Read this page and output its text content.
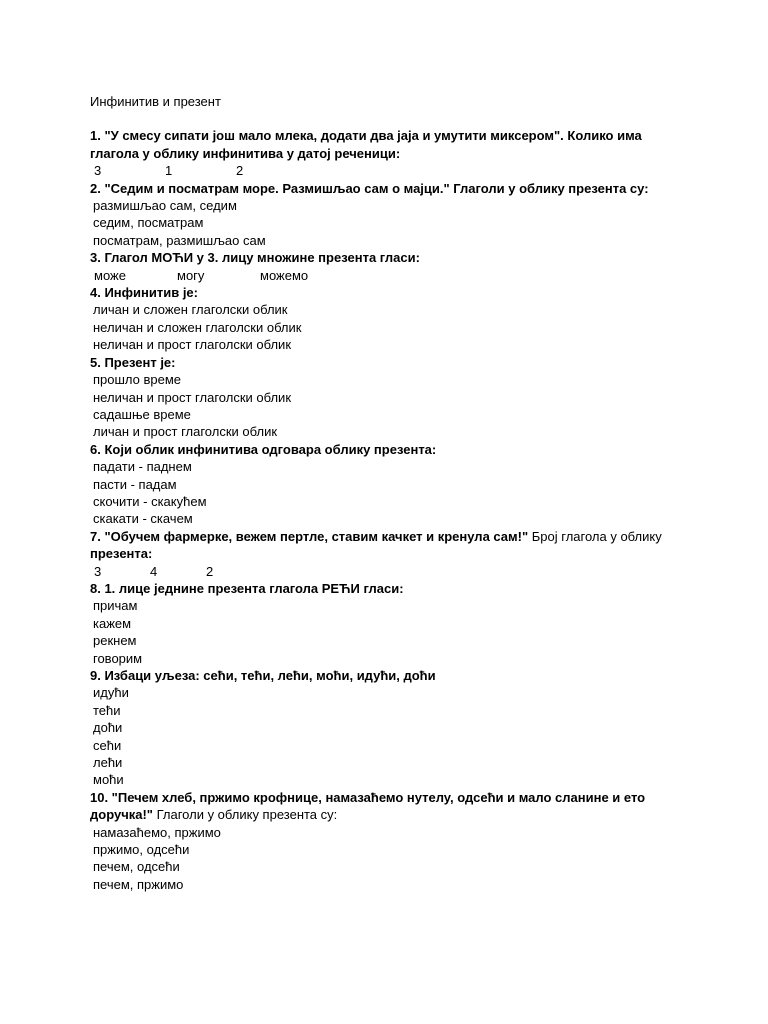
Инфинитив и презент
1. "У смесу сипати још мало млека, додати два јаја и умутити миксером". Колико има глагола у облику инфинитива у датој реченици:
3	1	2
2. "Седим и посматрам море. Размишљао сам о мајци." Глаголи у облику презента су:
размишљао сам, седим
седим, посматрам
посматрам, размишљао сам
3. Глагол МОЋИ у 3. лицу множине презента гласи:
може	могу	можемо
4. Инфинитив је:
личан и сложен глаголски облик
неличан и сложен глаголски облик
неличан и прост глаголски облик
5. Презент је:
прошло време
неличан и прост глаголски облик
садашње време
личан и прост глаголски облик
6. Који облик инфинитива одговара облику презента:
падати - паднем
пасти - падам
скочити - скакућем
скакати - скачем
7. "Обучем фармерке, вежем пертле, ставим качкет и кренула сам!" Број глагола у облику презента:
3	4	2
8. 1. лице једнине презента глагола РЕЋИ гласи:
причам
кажем
рекнем
говорим
9. Избаци уљеза: сећи, тећи, лећи, моћи, идући, доћи
идући
тећи
доћи
сећи
лећи
моћи
10. "Печем хлеб, пржимо крофнице, намазаћемо нутелу, одсећи и мало сланине и ето доручка!" Глаголи у облику презента су:
намазаћемо, пржимо
пржимо, одсећи
печем, одсећи
печем, пржимо
